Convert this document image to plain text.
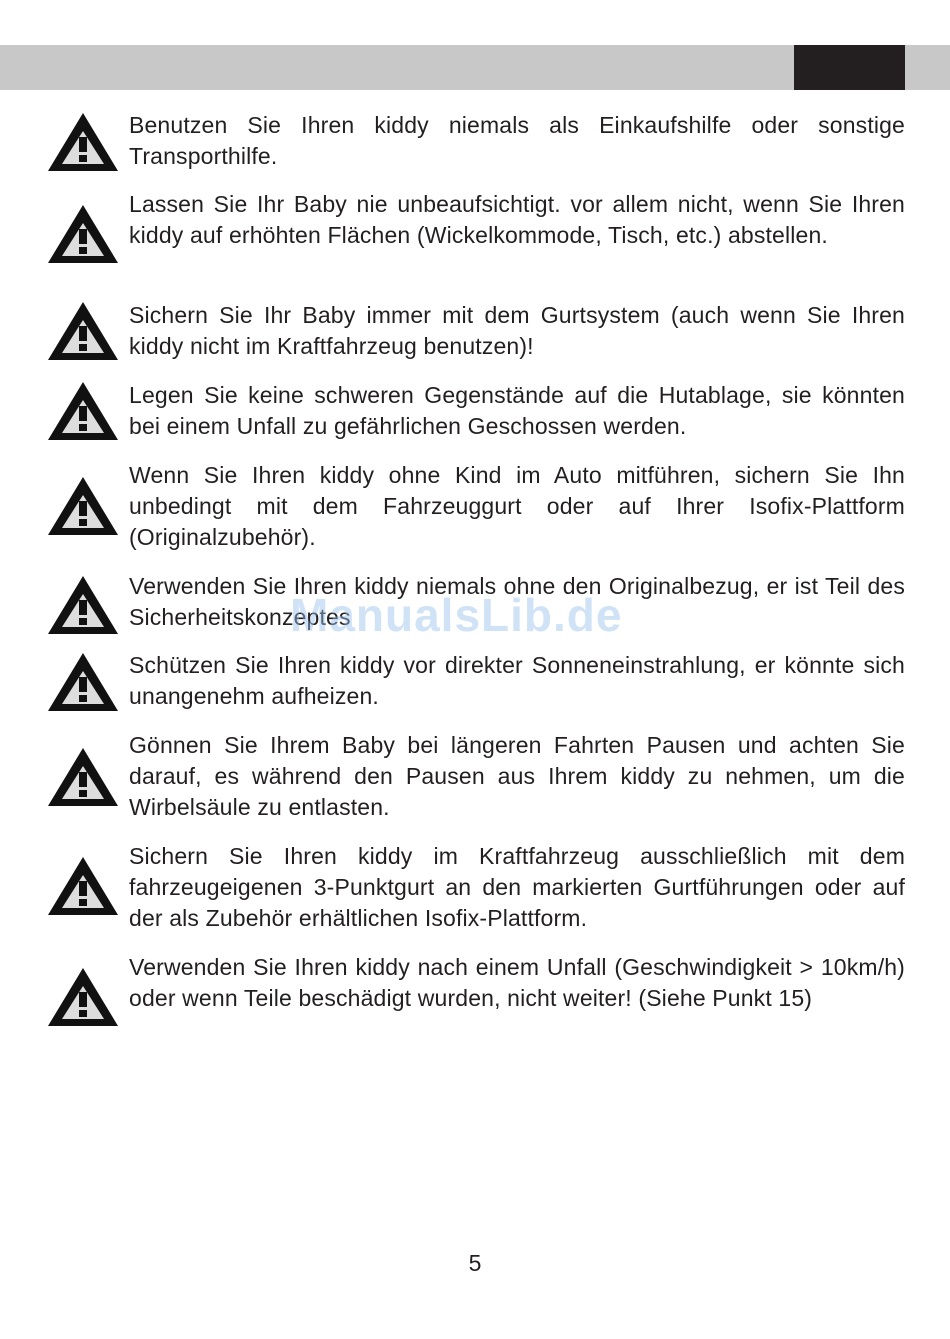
Benutzen Sie Ihren kiddy niemals als Einkaufshilfe oder sonstige Transporthilfe.

Lassen Sie Ihr Baby nie unbeaufsichtigt. vor allem nicht, wenn Sie Ihren kiddy auf erhöhten Flächen (Wickelkommode, Tisch, etc.) abstellen.

Sichern Sie Ihr Baby immer mit dem Gurtsystem (auch wenn Sie Ihren kiddy nicht im Kraftfahrzeug benutzen)!

Legen Sie keine schweren Gegenstände auf die Hutablage, sie könnten bei einem Unfall zu gefährlichen Geschossen werden.

Wenn Sie Ihren kiddy ohne Kind im Auto mitführen, sichern Sie Ihn unbedingt mit dem Fahrzeuggurt oder auf Ihrer Isofix-Plattform (Originalzubehör).

Verwenden Sie Ihren kiddy niemals ohne den Originalbezug, er ist Teil des Sicherheitskonzeptes

Schützen Sie Ihren kiddy vor direkter Sonneneinstrahlung, er könnte sich unangenehm aufheizen.

Gönnen Sie Ihrem Baby bei längeren Fahrten Pausen und achten Sie darauf, es während den Pausen aus Ihrem kiddy zu nehmen, um die Wirbelsäule zu entlasten.

Sichern Sie Ihren kiddy im Kraftfahrzeug ausschließlich mit dem fahrzeugeigenen 3-Punktgurt an den markierten Gurtführungen oder auf der als Zubehör erhältlichen Isofix-Plattform.

Verwenden Sie Ihren kiddy nach einem Unfall (Geschwindigkeit > 10km/h) oder wenn Teile beschädigt wurden, nicht weiter! (Siehe Punkt 15)

ManualsLib.de
5
